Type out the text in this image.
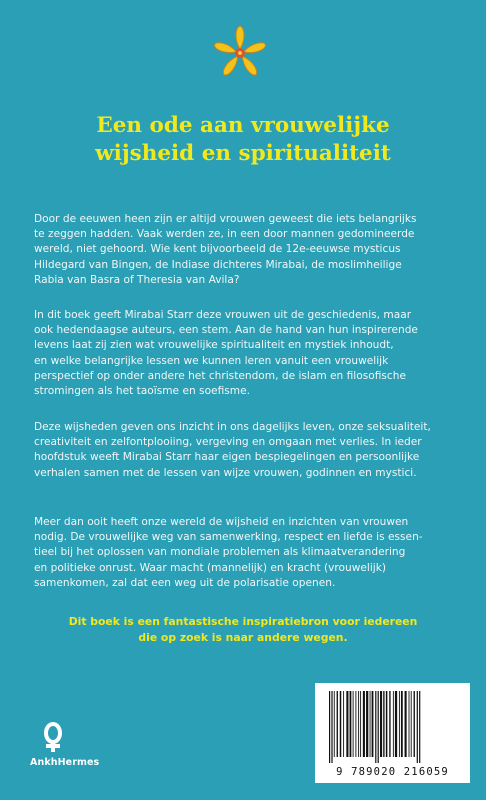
Een ode aan vrouwelijke
wijsheid en spiritualiteit

Door de eeuwen heen zijn er altijd vrouwen geweest die iets belangrijks
te zeggen hadden. Vaak werden ze, in een door mannen gedomineerde
wereld, niet gehoord. Wie kent bijvoorbeeld de 12e-eeuwse mysticus
Hildegard van Bingen, de Indiase dichteres Mirabai, de moslimheilige
Rabia van Basra of Theresia van Avila?

In dit boek geeft Mirabai Starr deze vrouwen uit de geschiedenis, maar
ook hedendaagse auteurs, een stem. Aan de hand van hun inspirerende
levens laat zij zien wat vrouwelijke spiritualiteit en mystiek inhoudt,
en welke belangrijke lessen we kunnen leren vanuit een vrouwelijk
perspectief op onder andere het christendom, de islam en filosofische
stromingen als het taoïsme en soefisme.

Deze wijsheden geven ons inzicht in ons dagelijks leven, onze seksualiteit,
creativiteit en zelfontplooiing, vergeving en omgaan met verlies. In ieder
hoofdstuk weeft Mirabai Starr haar eigen bespiegelingen en persoonlijke
verhalen samen met de lessen van wijze vrouwen, godinnen en mystici.

Meer dan ooit heeft onze wereld de wijsheid en inzichten van vrouwen
nodig. De vrouwelijke weg van samenwerking, respect en liefde is essen-
tieel bij het oplossen van mondiale problemen als klimaatverandering
en politieke onrust. Waar macht (mannelijk) en kracht (vrouwelijk)
samenkomen, zal dat een weg uit de polarisatie openen.

Dit boek is een fantastische inspiratiebron voor iedereen
die op zoek is naar andere wegen.

AnkhHermes
9 789020 216059
